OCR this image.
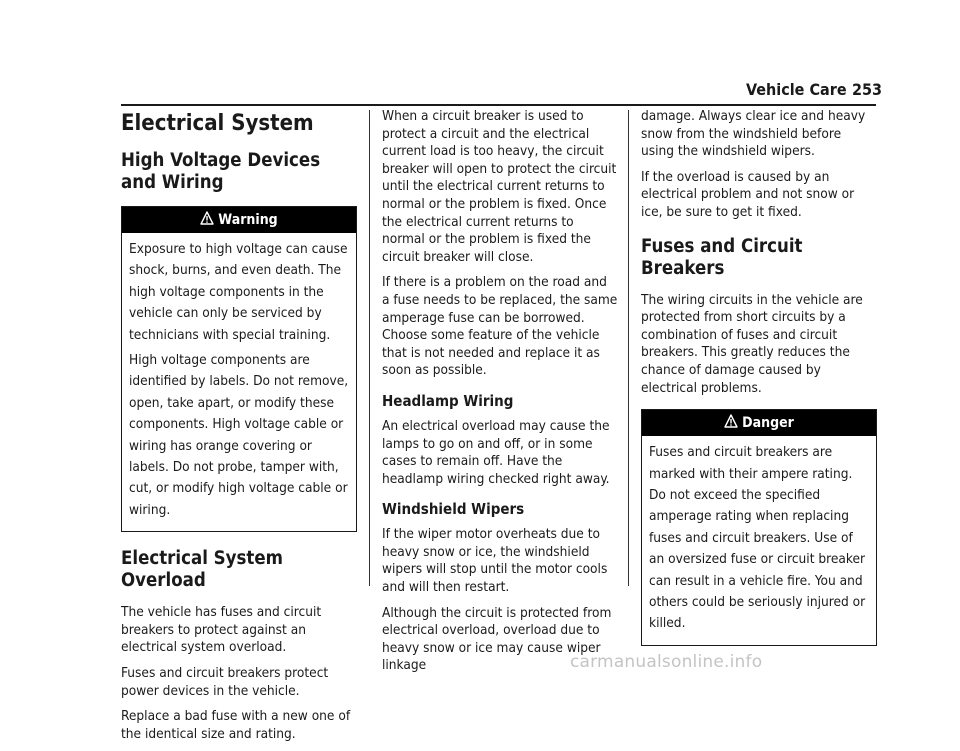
Vehicle Care 253
Electrical System
High Voltage Devices and Wiring
Warning

Exposure to high voltage can cause shock, burns, and even death. The high voltage components in the vehicle can only be serviced by technicians with special training.

High voltage components are identified by labels. Do not remove, open, take apart, or modify these components. High voltage cable or wiring has orange covering or labels. Do not probe, tamper with, cut, or modify high voltage cable or wiring.

Electrical System Overload

The vehicle has fuses and circuit breakers to protect against an electrical system overload.

Fuses and circuit breakers protect power devices in the vehicle.

Replace a bad fuse with a new one of the identical size and rating.

When a circuit breaker is used to protect a circuit and the electrical current load is too heavy, the circuit breaker will open to protect the circuit until the electrical current returns to normal or the problem is fixed. Once the electrical current returns to normal or the problem is fixed the circuit breaker will close.

If there is a problem on the road and a fuse needs to be replaced, the same amperage fuse can be borrowed. Choose some feature of the vehicle that is not needed and replace it as soon as possible.

Headlamp Wiring

An electrical overload may cause the lamps to go on and off, or in some cases to remain off. Have the headlamp wiring checked right away.

Windshield Wipers

If the wiper motor overheats due to heavy snow or ice, the windshield wipers will stop until the motor cools and will then restart.

Although the circuit is protected from electrical overload, overload due to heavy snow or ice may cause wiper linkage

damage. Always clear ice and heavy snow from the windshield before using the windshield wipers.

If the overload is caused by an electrical problem and not snow or ice, be sure to get it fixed.

Fuses and Circuit Breakers

The wiring circuits in the vehicle are protected from short circuits by a combination of fuses and circuit breakers. This greatly reduces the chance of damage caused by electrical problems.

Danger

Fuses and circuit breakers are marked with their ampere rating. Do not exceed the specified amperage rating when replacing fuses and circuit breakers. Use of an oversized fuse or circuit breaker can result in a vehicle fire. You and others could be seriously injured or killed.

carmanualsonline.info
